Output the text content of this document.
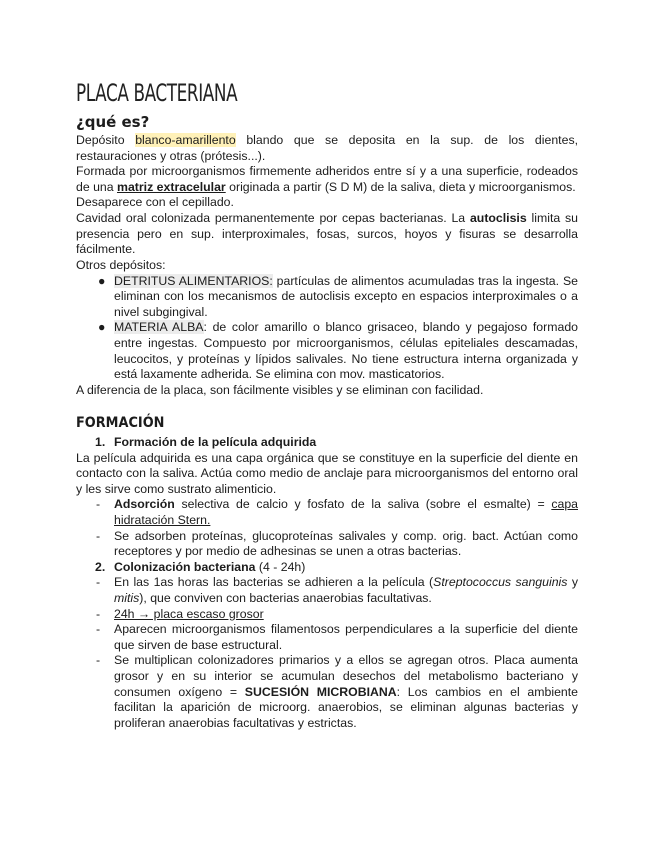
PLACA BACTERIANA
¿qué es?

Depósito blanco-amarillento blando que se deposita en la sup. de los dientes, restauraciones y otras (prótesis...).

Formada por microorganismos firmemente adheridos entre sí y a una superficie, rodeados de una matriz extracelular originada a partir (S D M) de la saliva, dieta y microorganismos.

Desaparece con el cepillado.

Cavidad oral colonizada permanentemente por cepas bacterianas. La autoclisis limita su presencia pero en sup. interproximales, fosas, surcos, hoyos y fisuras se desarrolla fácilmente.

Otros depósitos:

● DETRITUS ALIMENTARIOS: partículas de alimentos acumuladas tras la ingesta. Se eliminan con los mecanismos de autoclisis excepto en espacios interproximales o a nivel subgingival.

● MATERIA ALBA: de color amarillo o blanco grisaceo, blando y pegajoso formado entre ingestas. Compuesto por microorganismos, células epiteliales descamadas, leucocitos, y proteínas y lípidos salivales. No tiene estructura interna organizada y está laxamente adherida. Se elimina con mov. masticatorios.

A diferencia de la placa, son fácilmente visibles y se eliminan con facilidad.

FORMACIÓN
1. Formación de la película adquirida

La película adquirida es una capa orgánica que se constituye en la superficie del diente en contacto con la saliva. Actúa como medio de anclaje para microorganismos del entorno oral y les sirve como sustrato alimenticio.

- Adsorción selectiva de calcio y fosfato de la saliva (sobre el esmalte) = capa hidratación Stern.

- Se adsorben proteínas, glucoproteínas salivales y comp. orig. bact. Actúan como receptores y por medio de adhesinas se unen a otras bacterias.

2. Colonización bacteriana (4 - 24h)
- En las 1as horas las bacterias se adhieren a la película (Streptococcus sanguinis y mitis), que conviven con bacterias anaerobias facultativas.

- 24h → placa escaso grosor

- Aparecen microorganismos filamentosos perpendiculares a la superficie del diente que sirven de base estructural.

- Se multiplican colonizadores primarios y a ellos se agregan otros. Placa aumenta grosor y en su interior se acumulan desechos del metabolismo bacteriano y consumen oxígeno = SUCESIÓN MICROBIANA: Los cambios en el ambiente facilitan la aparición de microorg. anaerobios, se eliminan algunas bacterias y proliferan anaerobias facultativas y estrictas.
